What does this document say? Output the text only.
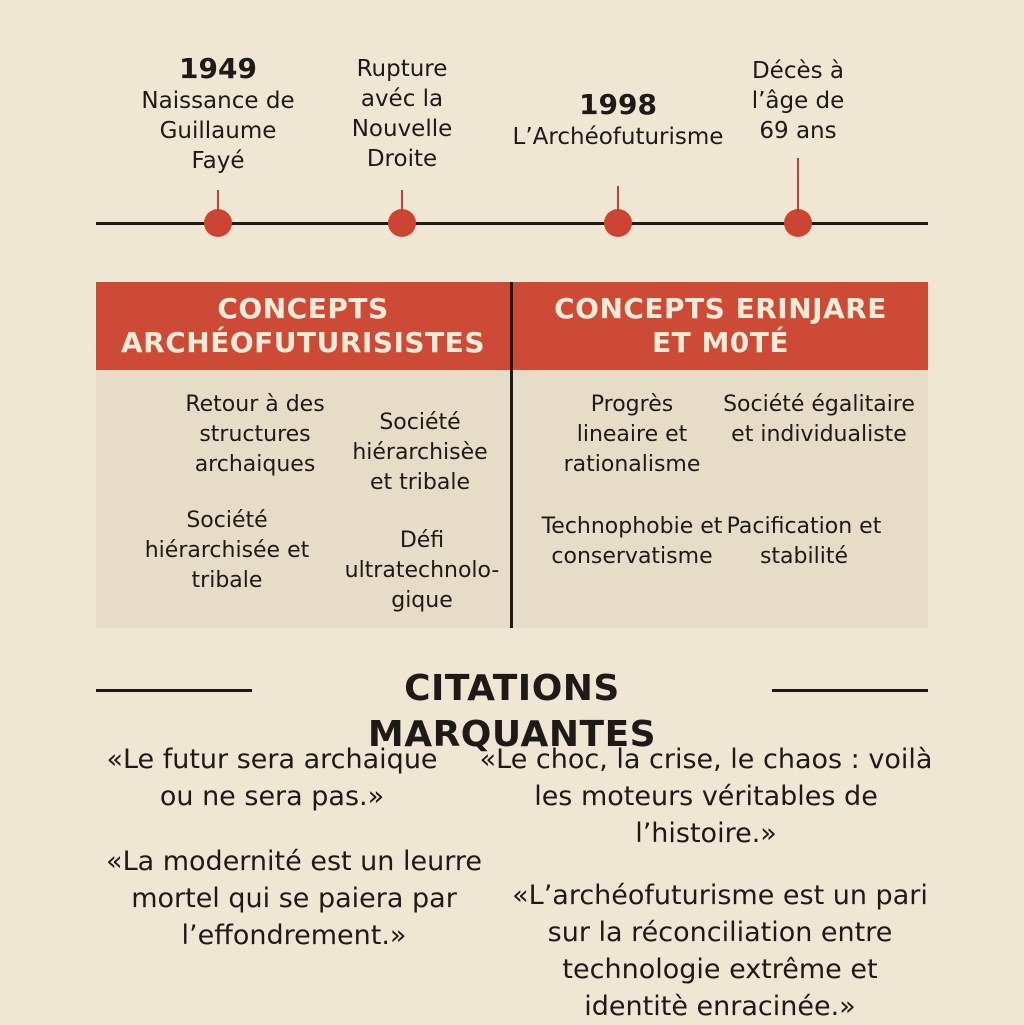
1949
Naissance de Guillaume Fayé
Rupture avéc la Nouvelle Droite
1998
L’Archéofuturisme
Décès à l’âge de 69 ans
CONCEPTS ARCHÉOFUTURISISTES
Retour à des structures archaiques
Société hiérarchisèe et tribale
Société hiérarchisée et tribale
Défi ultratechnolo- gique
CONCEPTS ERINJARE ET M0TÉ
Progrès lineaire et rationalisme
Société égalitaire et individualiste
Technophobie et conservatisme
Pacification et stabilité
CITATIONS MARQUANTES
«Le futur sera archaique ou ne sera pas.»
«La modernité est un leurre mortel qui se paiera par l’effondrement.»
«Le choc, la crise, le chaos : voilà les moteurs véritables de l’histoire.»
«L’archéofuturisme est un pari sur la réconciliation entre technologie extrême et identitè enracinée.»
